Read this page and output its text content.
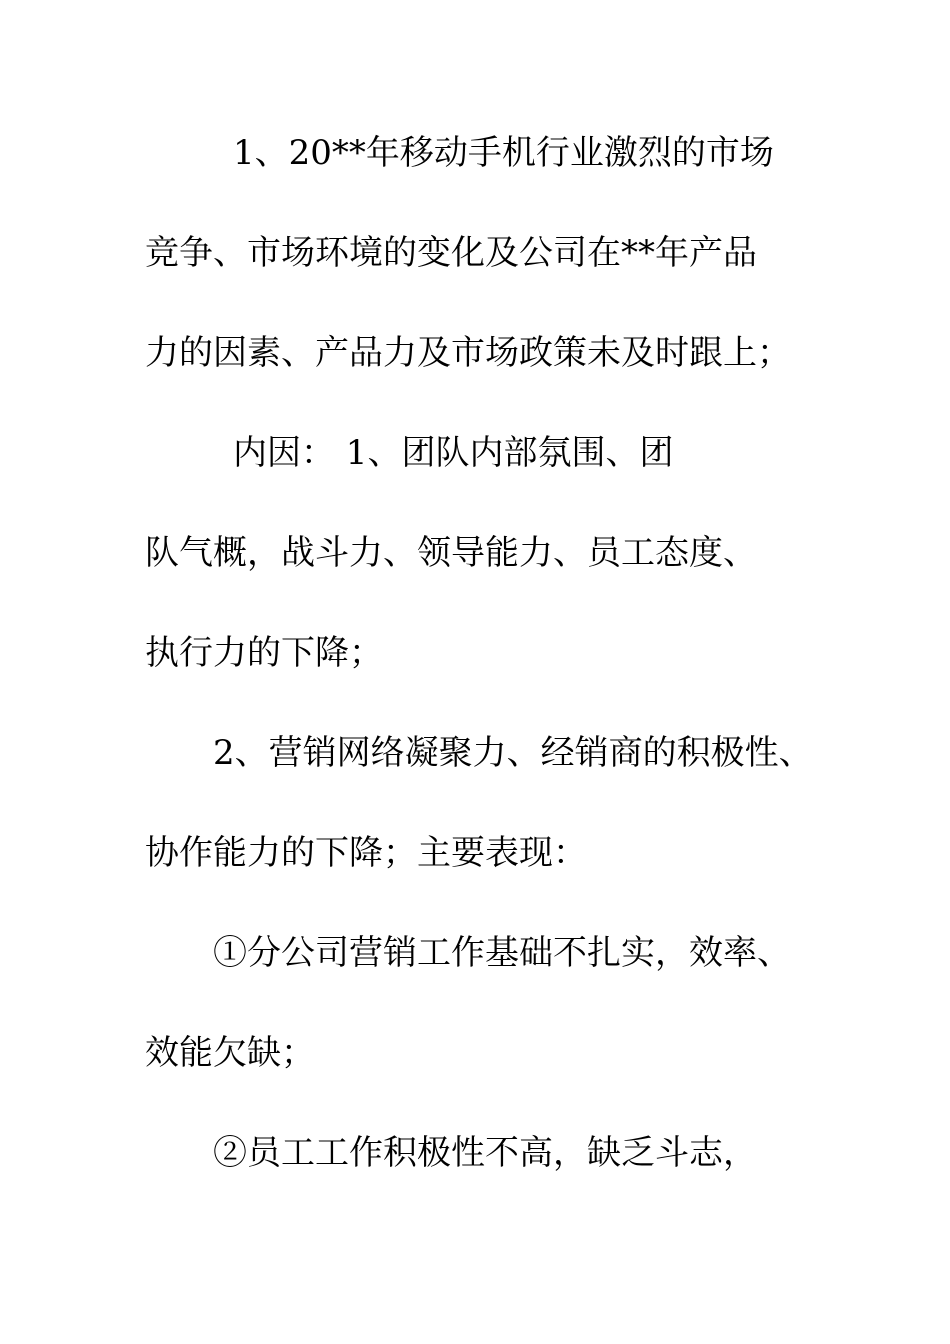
1、20**年移动手机行业激烈的市场

竞争、市场环境的变化及公司在**年产品

力的因素、产品力及市场政策未及时跟上；

内因： 1、团队内部氛围、团

队气概，战斗力、领导能力、员工态度、

执行力的下降；

2、营销网络凝聚力、经销商的积极性、

协作能力的下降；主要表现：

①分公司营销工作基础不扎实，效率、

效能欠缺；

②员工工作积极性不高，缺乏斗志，
